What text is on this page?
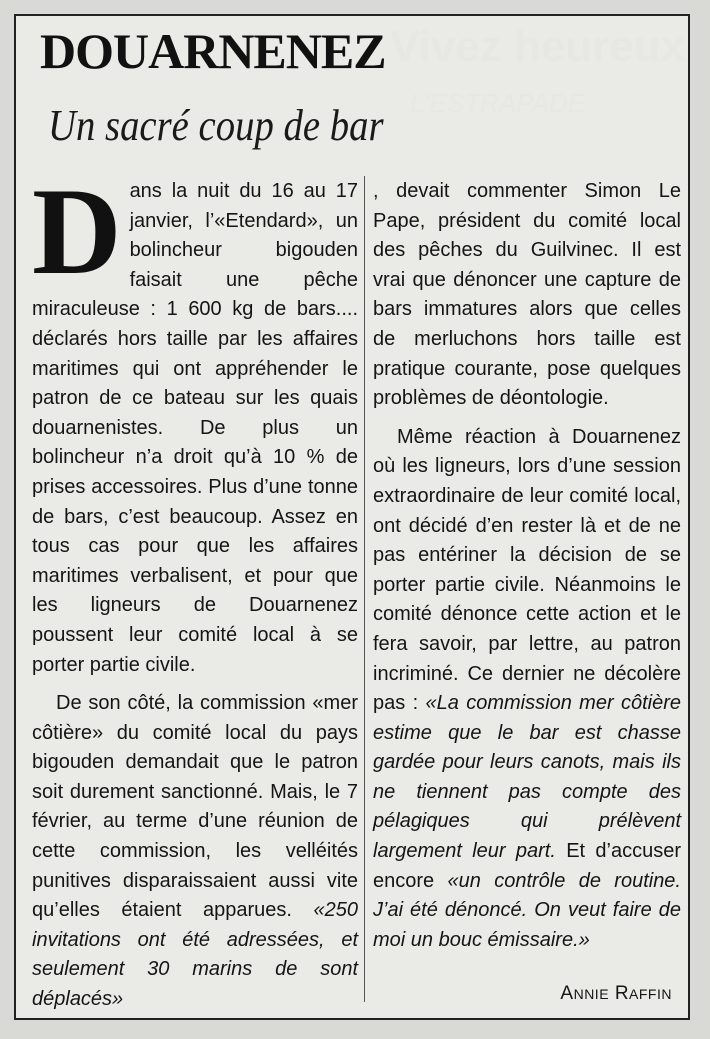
DOUARNENEZ
Un sacré coup de bar

Dans la nuit du 16 au 17 janvier, l’«Etendard», un bolincheur bigouden faisait une pêche miraculeuse : 1 600 kg de bars.... déclarés hors taille par les affaires maritimes qui ont appréhender le patron de ce bateau sur les quais douarnenistes. De plus un bolincheur n’a droit qu’à 10 % de prises accessoires. Plus d’une tonne de bars, c’est beaucoup. Assez en tous cas pour que les affaires maritimes verbalisent, et pour que les ligneurs de Douarnenez poussent leur comité local à se porter partie civile.

De son côté, la commission «mer côtière» du comité local du pays bigouden demandait que le patron soit durement sanctionné. Mais, le 7 février, au terme d’une réunion de cette commission, les velléités punitives disparaissaient aussi vite qu’elles étaient apparues. «250 invitations ont été adressées, et seulement 30 marins de sont déplacés»

, devait commenter Simon Le Pape, président du comité local des pêches du Guilvinec. Il est vrai que dénoncer une capture de bars immatures alors que celles de merluchons hors taille est pratique courante, pose quelques problèmes de déontologie.

Même réaction à Douarnenez où les ligneurs, lors d’une session extraordinaire de leur comité local, ont décidé d’en rester là et de ne pas entériner la décision de se porter partie civile. Néanmoins le comité dénonce cette action et le fera savoir, par lettre, au patron incriminé. Ce dernier ne décolère pas : «La commission mer côtière estime que le bar est chasse gardée pour leurs canots, mais ils ne tiennent pas compte des pélagiques qui prélèvent largement leur part. Et d’accuser encore «un contrôle de routine. J’ai été dénoncé. On veut faire de moi un bouc émissaire.»

ANNIE RAFFIN
